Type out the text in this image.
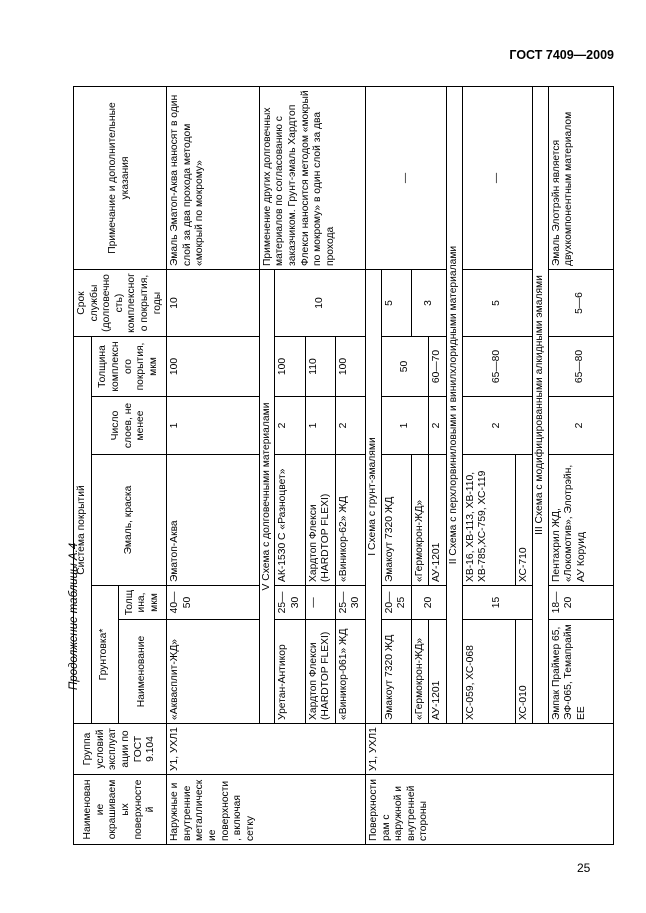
ГОСТ 7409—2009
Продолжение таблицы А.4
Наименование окрашиваемых поверхностей	Группа условий эксплуатации по ГОСТ 9.104	Система покрытий					Срок службы (долговечность) комплексного покрытия, годы	Примечание и дополнительные указания
		Грунтовка*		Эмаль, краска	Число слоев, не менее	Толщина комплексного покрытия, мкм		
		Наименование	Толщина, мкм					
Наружные и внутренние металлические поверхности, включая сетку	У1, УХЛ1	«Аквасплит-ЖД»	40—50	Эматоп-Аква	1	100	10	Эмаль Эматоп-Аква наносят в один слой за два прохода методом «мокрый по мокрому»
		V Схема с долговечными материалами						Применение других долговечных материалов по согласованию с заказчиком. Грунт-эмаль Хардтоп Флекси наносится методом «мокрый по мокрому» в один слой за два прохода
		Уретан-Антикор	25—30	АК-1530 С «Разноцвет»	2	100	10	
		Хардтоп Флекси (HARDTOP FLEXI)	—	Хардтоп Флекси (HARDTOP FLEXI)	1	110		
		«Виникор-061» ЖД	25—30	«Виникор-62» ЖД	2	100		
Поверхности рам с наружной и внутренней стороны	У1, УХЛ1	I Схема с грунт-эмалями						—
		Эмакоут 7320 ЖД	20—25	Эмакоут 7320 ЖД	1	50	5	
		«Гермокрон-ЖД»	20	«Гермокрон-ЖД»			3	
		АУ-1201		АУ-1201	2	60—70		
		II Схема с перхлорвиниловыми и винилхлоридными материалами						
		ХС-059, ХС-068	15	ХВ-16, ХВ-113, ХВ-110, ХВ-785,ХС-759, ХС-119	2	65—80	5	—
		ХС-010		ХС-710				
		III Схема с модифицированными алкидными эмалями						
		Эмпак Праймер 65, ЭФ-065, Темапрайм ЕЕ	18—20	Пентахрил ЖД, «Локомотив», Элотрэйн, АУ Коруид	2	65—80	5—6	Эмаль Элотрэйн является двухкомпонентным материалом
25
